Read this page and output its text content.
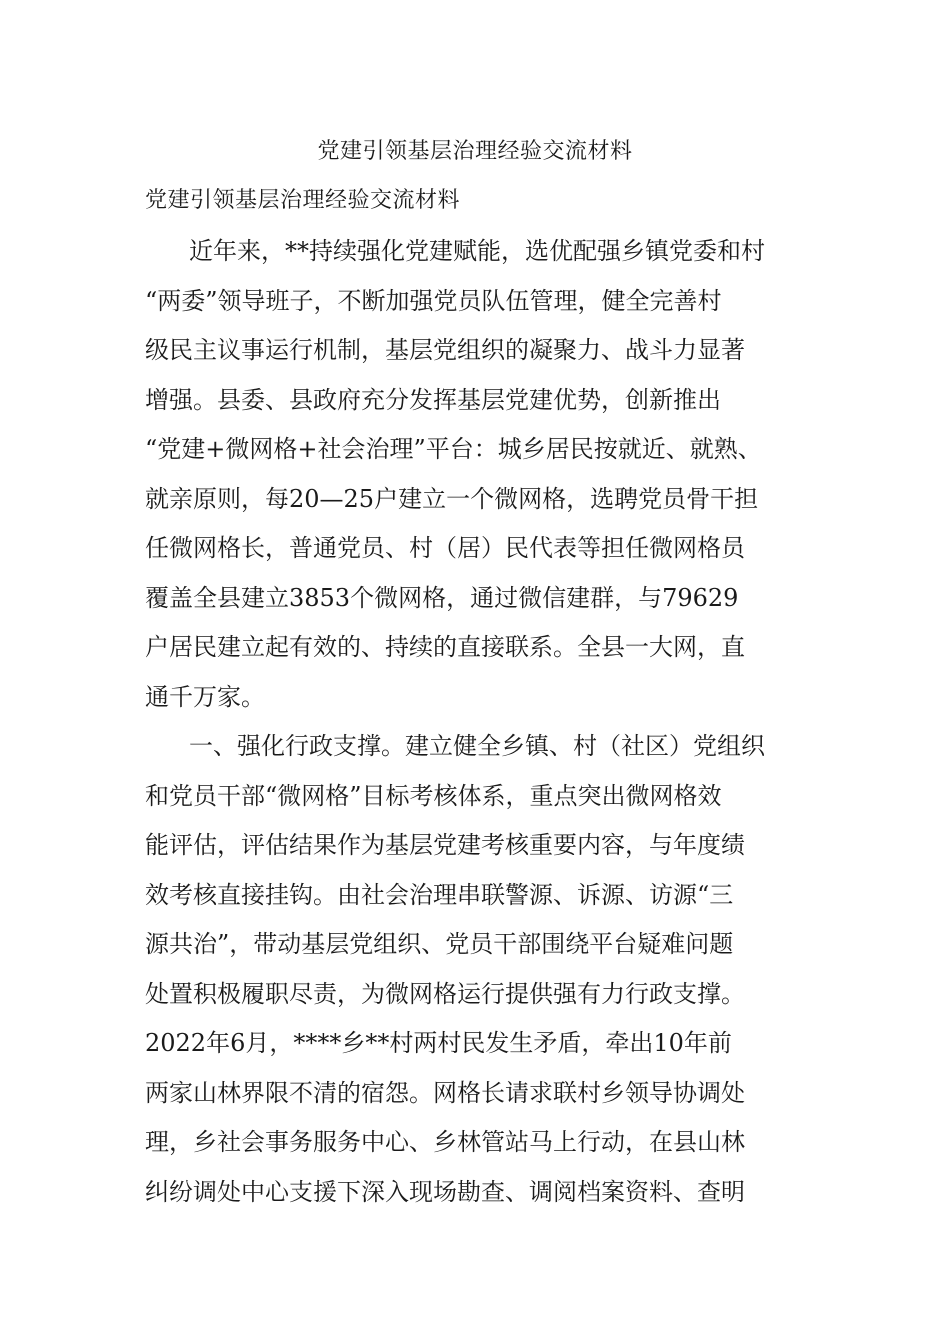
党建引领基层治理经验交流材料
党建引领基层治理经验交流材料
近年来，**持续强化党建赋能，选优配强乡镇党委和村
“两委”领导班子，不断加强党员队伍管理，健全完善村
级民主议事运行机制，基层党组织的凝聚力、战斗力显著
增强。县委、县政府充分发挥基层党建优势，创新推出
“党建+微网格+社会治理”平台：城乡居民按就近、就熟、
就亲原则，每20—25户建立一个微网格，选聘党员骨干担
任微网格长，普通党员、村（居）民代表等担任微网格员
覆盖全县建立3853个微网格，通过微信建群，与79629
户居民建立起有效的、持续的直接联系。全县一大网，直
通千万家。
一、强化行政支撑。建立健全乡镇、村（社区）党组织
和党员干部“微网格”目标考核体系，重点突出微网格效
能评估，评估结果作为基层党建考核重要内容，与年度绩
效考核直接挂钩。由社会治理串联警源、诉源、访源“三
源共治”，带动基层党组织、党员干部围绕平台疑难问题
处置积极履职尽责，为微网格运行提供强有力行政支撑。
2022年6月，****乡**村两村民发生矛盾，牵出10年前
两家山林界限不清的宿怨。网格长请求联村乡领导协调处
理，乡社会事务服务中心、乡林管站马上行动，在县山林
纠纷调处中心支援下深入现场勘查、调阅档案资料、查明
